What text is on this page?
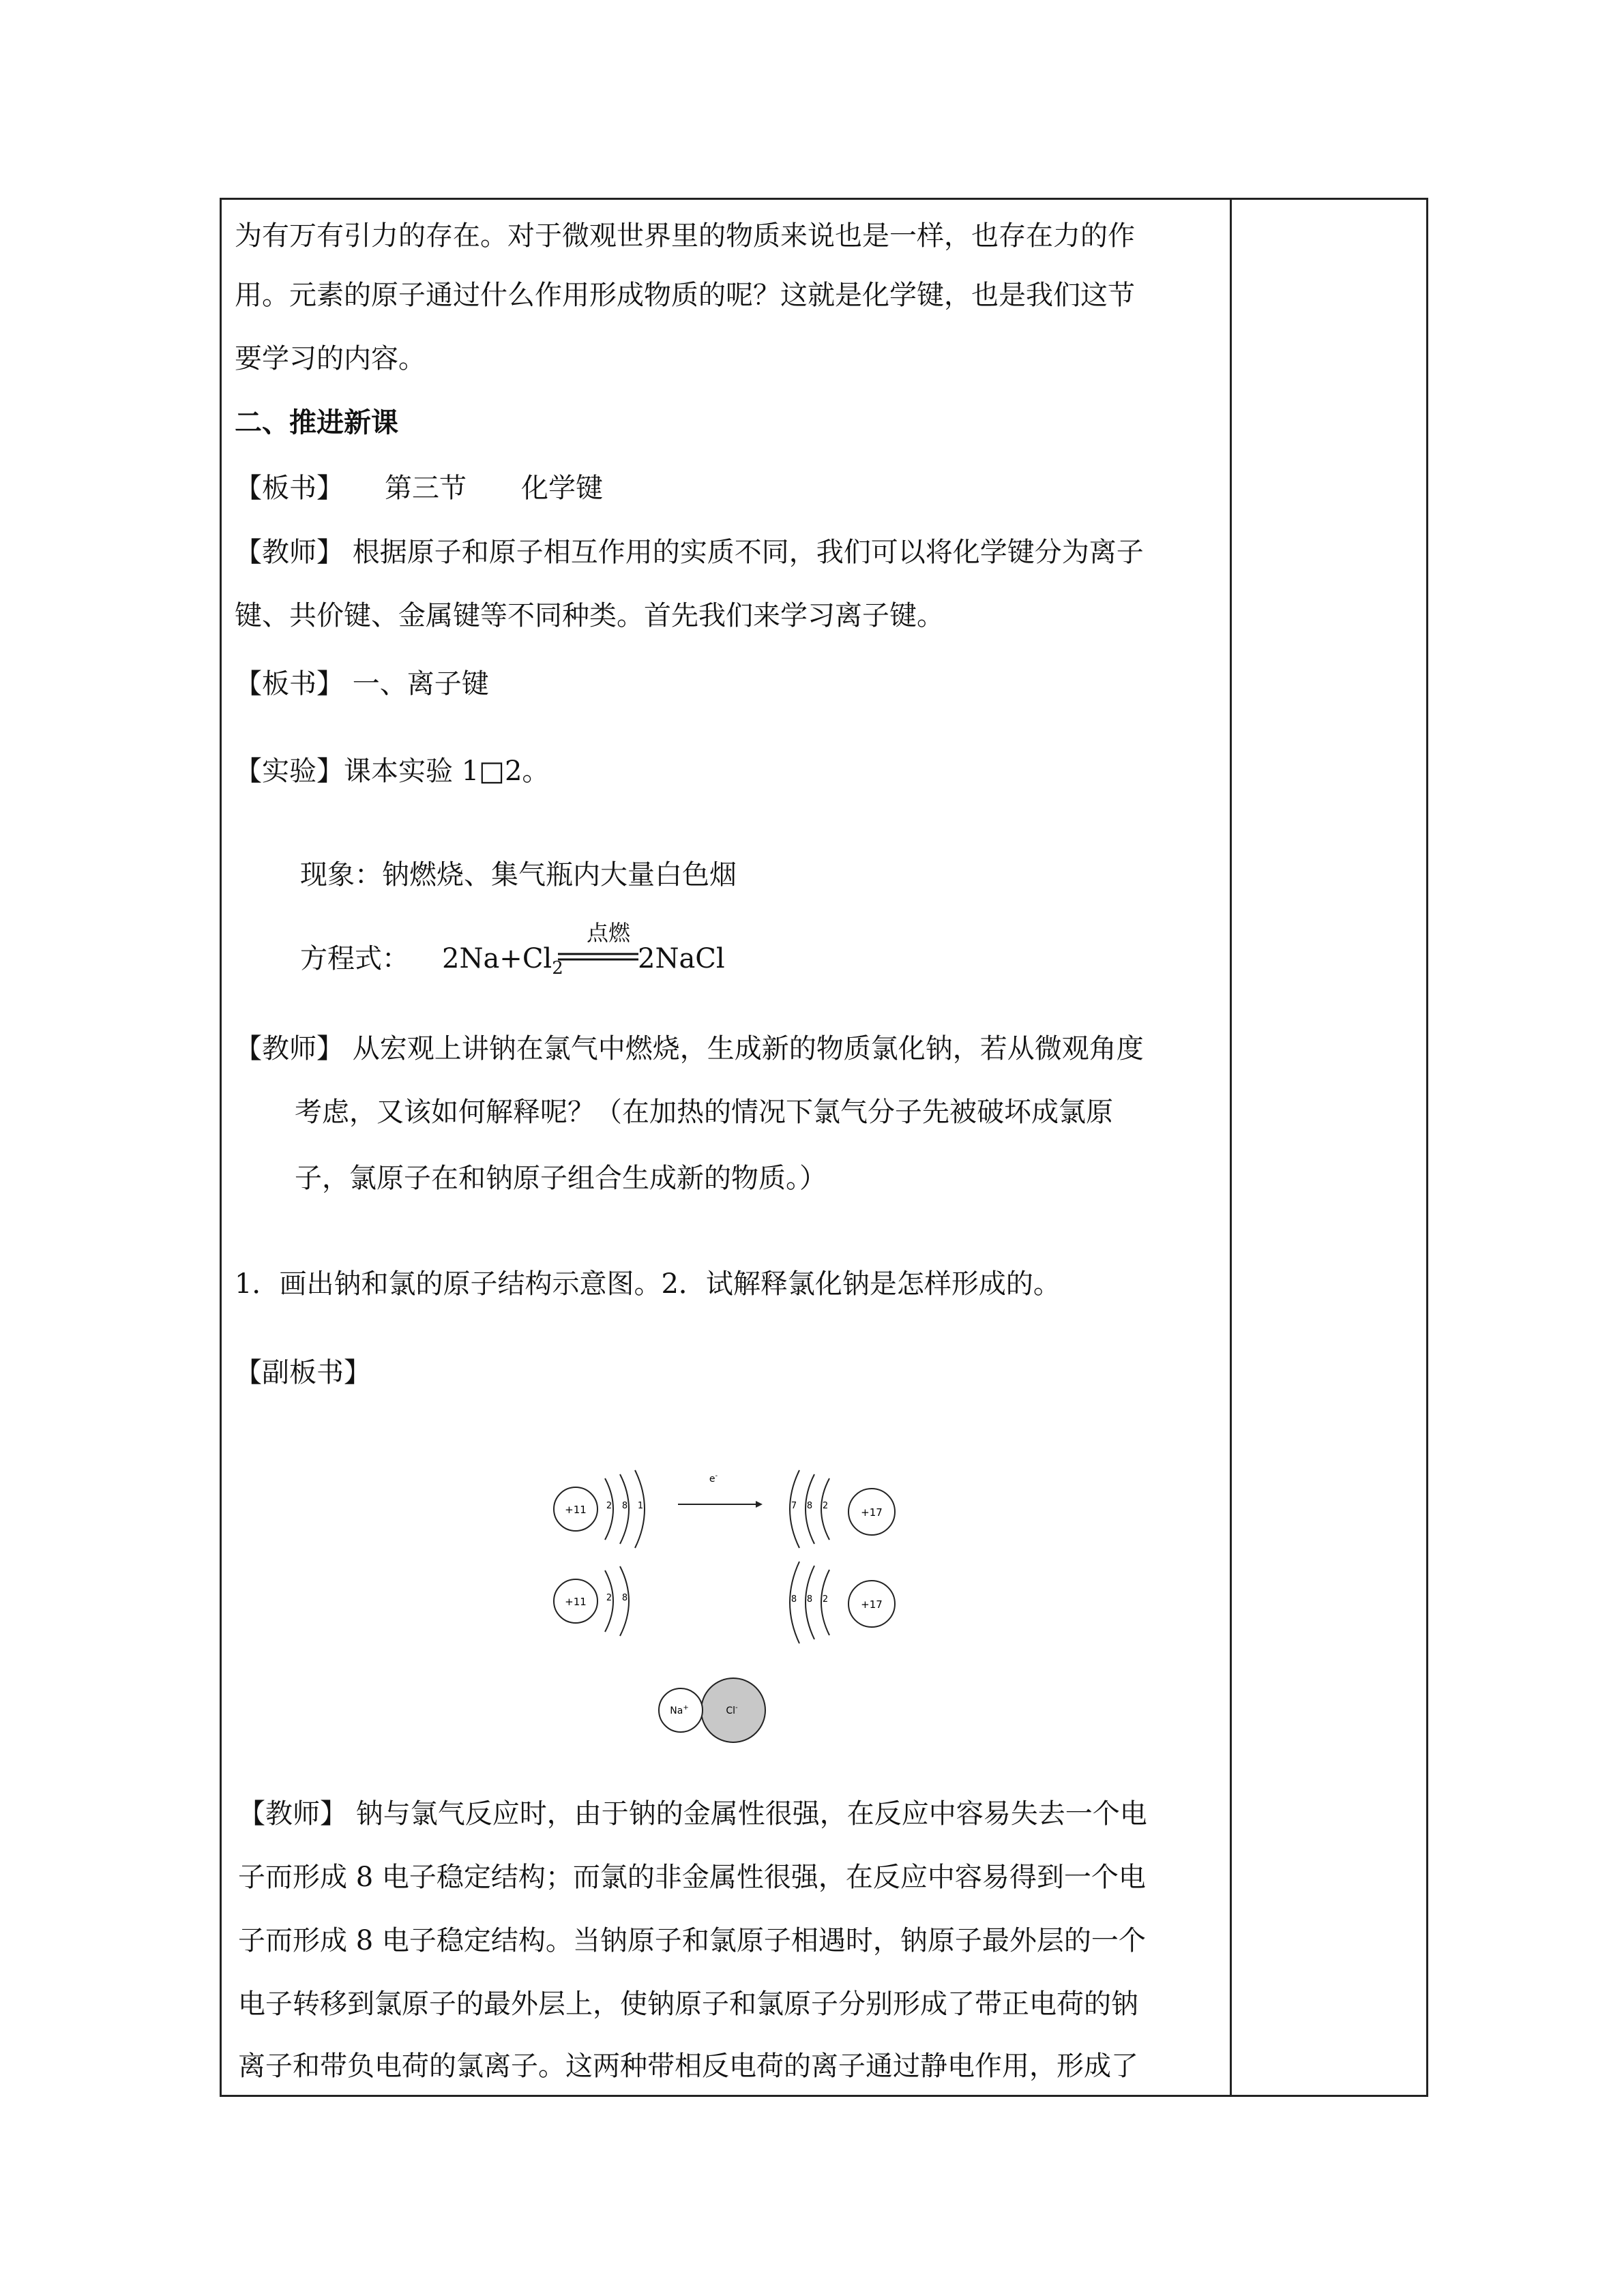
为有万有引力的存在。对于微观世界里的物质来说也是一样，也存在力的作
用。元素的原子通过什么作用形成物质的呢？这就是化学键，也是我们这节
要学习的内容。
二、推进新课
【板书】　　第三节　　化学键
【教师】 根据原子和原子相互作用的实质不同，我们可以将化学键分为离子
键、共价键、金属键等不同种类。首先我们来学习离子键。
【板书】 一、离子键
【实验】课本实验 1□2。
现象：钠燃烧、集气瓶内大量白色烟
方程式： $2Na+Cl_2$
点燃
2NaCl
【教师】 从宏观上讲钠在氯气中燃烧，生成新的物质氯化钠，若从微观角度
考虑，又该如何解释呢？（在加热的情况下氯气分子先被破坏成氯原
子，氯原子在和钠原子组合生成新的物质。）
1．画出钠和氯的原子结构示意图。2．试解释氯化钠是怎样形成的。
【副板书】
+11 2 8 1
e-
7 8 2
+17
+11 2 8	8 8 2	+17
Na+	Cl-
【教师】 钠与氯气反应时，由于钠的金属性很强，在反应中容易失去一个电
子而形成 8 电子稳定结构；而氯的非金属性很强，在反应中容易得到一个电
子而形成 8 电子稳定结构。当钠原子和氯原子相遇时，钠原子最外层的一个
电子转移到氯原子的最外层上，使钠原子和氯原子分别形成了带正电荷的钠
离子和带负电荷的氯离子。这两种带相反电荷的离子通过静电作用，形成了
